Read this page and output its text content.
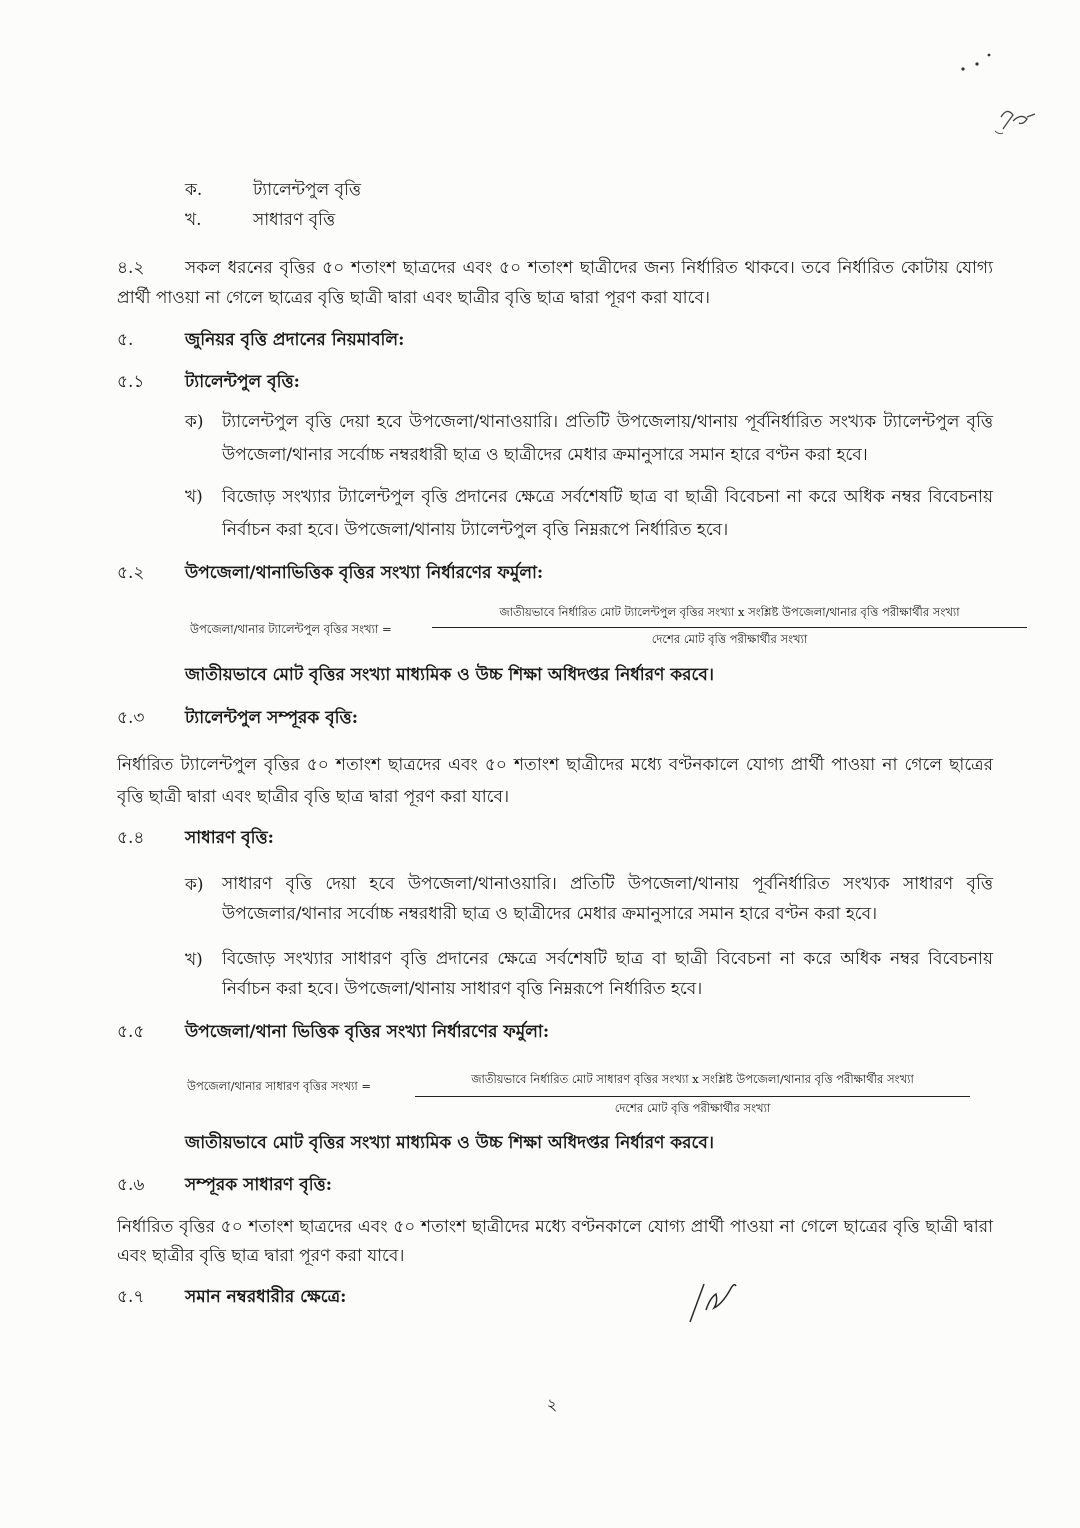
ক.	ট্যালেন্টপুল বৃত্তি
খ.	সাধারণ বৃত্তি
৪.২	সকল ধরনের বৃত্তির ৫০ শতাংশ ছাত্রদের এবং ৫০ শতাংশ ছাত্রীদের জন্য নির্ধারিত থাকবে। তবে নির্ধারিত কোটায় যোগ্য প্রার্থী পাওয়া না গেলে ছাত্রের বৃত্তি ছাত্রী দ্বারা এবং ছাত্রীর বৃত্তি ছাত্র দ্বারা পূরণ করা যাবে।
৫.	জুনিয়র বৃত্তি প্রদানের নিয়মাবলি:
৫.১ ট্যালেন্টপুল বৃত্তি:
ক) ট্যালেন্টপুল বৃত্তি দেয়া হবে উপজেলা/থানাওয়ারি। প্রতিটি উপজেলায়/থানায় পূর্বনির্ধারিত সংখ্যক ট্যালেন্টপুল বৃত্তি উপজেলা/থানার সর্বোচ্চ নম্বরধারী ছাত্র ও ছাত্রীদের মেধার ক্রমানুসারে সমান হারে বণ্টন করা হবে।
খ) বিজোড় সংখ্যার ট্যালেন্টপুল বৃত্তি প্রদানের ক্ষেত্রে সর্বশেষটি ছাত্র বা ছাত্রী বিবেচনা না করে অধিক নম্বর বিবেচনায় নির্বাচন করা হবে। উপজেলা/থানায় ট্যালেন্টপুল বৃত্তি নিম্নরূপে নির্ধারিত হবে।
৫.২ উপজেলা/থানাভিত্তিক বৃত্তির সংখ্যা নির্ধারণের ফর্মুলা:
উপজেলা/থানার ট্যালেন্টপুল বৃত্তির সংখ্যা =
জাতীয়ভাবে নির্ধারিত মোট ট্যালেন্টপুল বৃত্তির সংখ্যা x সংশ্লিষ্ট উপজেলা/থানার বৃত্তি পরীক্ষার্থীর সংখ্যা
দেশের মোট বৃত্তি পরীক্ষার্থীর সংখ্যা
জাতীয়ভাবে মোট বৃত্তির সংখ্যা মাধ্যমিক ও উচ্চ শিক্ষা অধিদপ্তর নির্ধারণ করবে।
৫.৩ ট্যালেন্টপুল সম্পূরক বৃত্তি:
নির্ধারিত ট্যালেন্টপুল বৃত্তির ৫০ শতাংশ ছাত্রদের এবং ৫০ শতাংশ ছাত্রীদের মধ্যে বণ্টনকালে যোগ্য প্রার্থী পাওয়া না গেলে ছাত্রের বৃত্তি ছাত্রী দ্বারা এবং ছাত্রীর বৃত্তি ছাত্র দ্বারা পূরণ করা যাবে।
৫.৪ সাধারণ বৃত্তি:
ক) সাধারণ বৃত্তি দেয়া হবে উপজেলা/থানাওয়ারি। প্রতিটি উপজেলা/থানায় পূর্বনির্ধারিত সংখ্যক সাধারণ বৃত্তি উপজেলার/থানার সর্বোচ্চ নম্বরধারী ছাত্র ও ছাত্রীদের মেধার ক্রমানুসারে সমান হারে বণ্টন করা হবে।
খ) বিজোড় সংখ্যার সাধারণ বৃত্তি প্রদানের ক্ষেত্রে সর্বশেষটি ছাত্র বা ছাত্রী বিবেচনা না করে অধিক নম্বর বিবেচনায় নির্বাচন করা হবে। উপজেলা/থানায় সাধারণ বৃত্তি নিম্নরূপে নির্ধারিত হবে।
৫.৫ উপজেলা/থানা ভিত্তিক বৃত্তির সংখ্যা নির্ধারণের ফর্মুলা:
উপজেলা/থানার সাধারণ বৃত্তির সংখ্যা =	জাতীয়ভাবে নির্ধারিত মোট সাধারণ বৃত্তির সংখ্যা x সংশ্লিষ্ট উপজেলা/থানার বৃত্তি পরীক্ষার্থীর সংখ্যা
দেশের মোট বৃত্তি পরীক্ষার্থীর সংখ্যা
জাতীয়ভাবে মোট বৃত্তির সংখ্যা মাধ্যমিক ও উচ্চ শিক্ষা অধিদপ্তর নির্ধারণ করবে।
৫.৬ সম্পূরক সাধারণ বৃত্তি:
নির্ধারিত বৃত্তির ৫০ শতাংশ ছাত্রদের এবং ৫০ শতাংশ ছাত্রীদের মধ্যে বণ্টনকালে যোগ্য প্রার্থী পাওয়া না গেলে ছাত্রের বৃত্তি ছাত্রী দ্বারা এবং ছাত্রীর বৃত্তি ছাত্র দ্বারা পূরণ করা যাবে।
৫.৭ সমান নম্বরধারীর ক্ষেত্রে:
২
